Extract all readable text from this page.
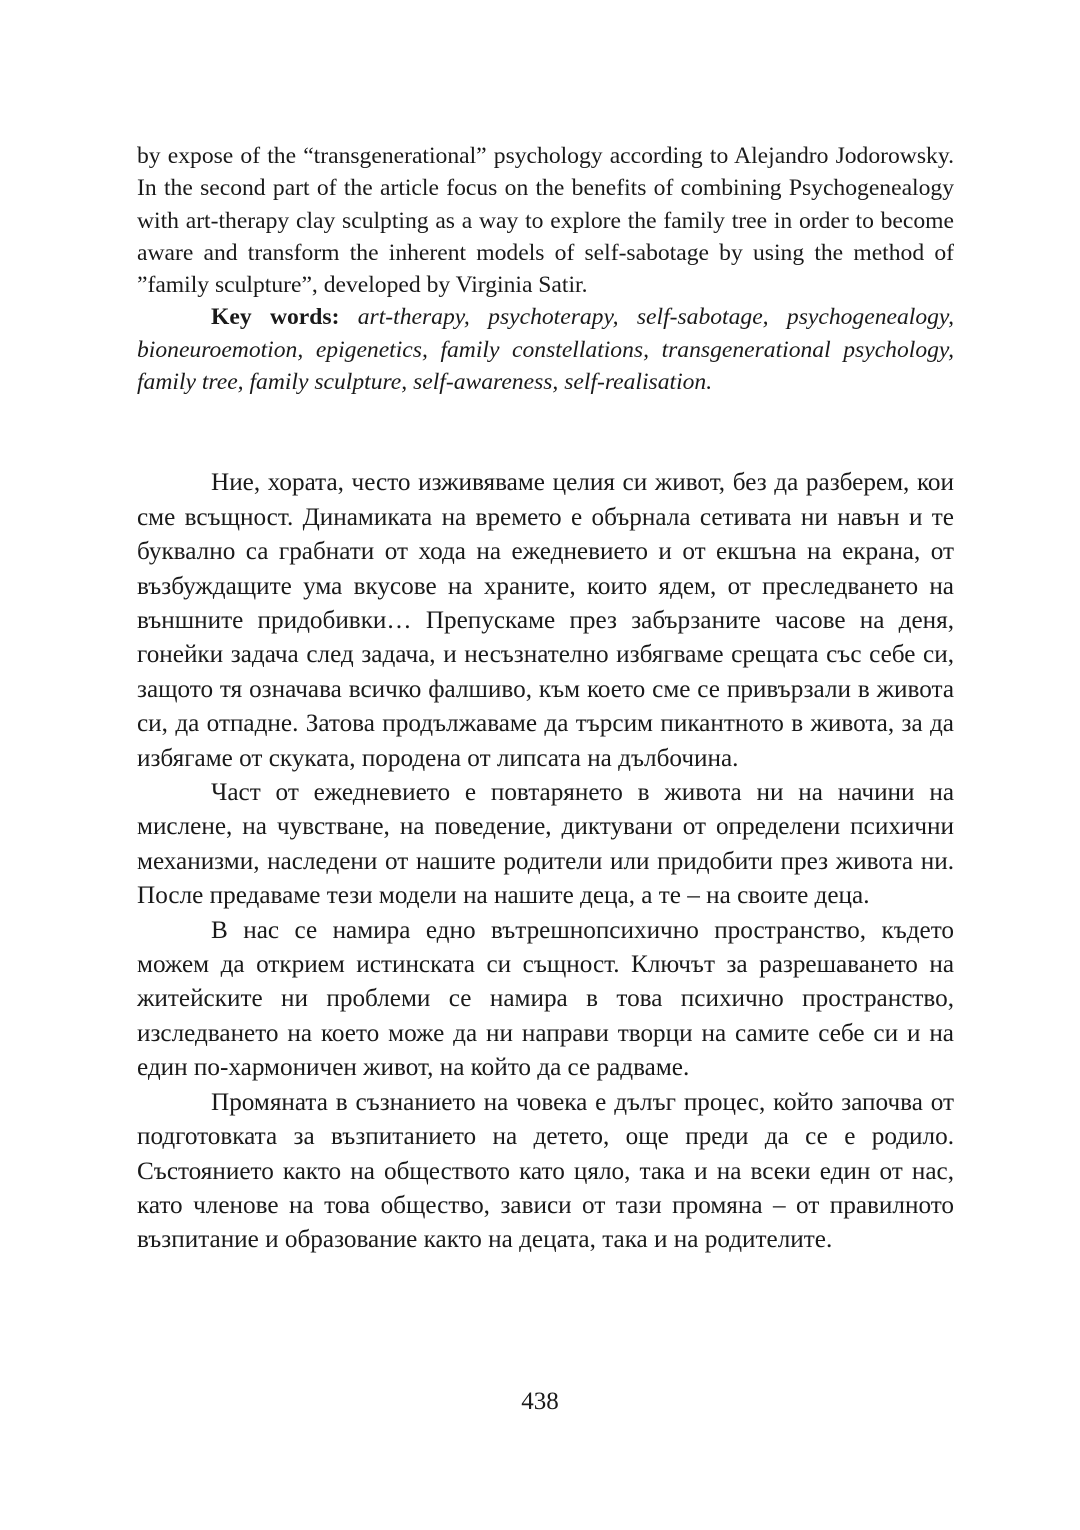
by expose of the “transgenerational” psychology according to Alejandro Jodorowsky. In the second part of the article focus on the benefits of combining Psychogenealogy with art-therapy clay sculpting as a way to explore the family tree in order to become aware and transform the inherent models of self-sabotage by using the method of ”family sculpture”, developed by Virginia Satir.

Key words: art-therapy, psychoterapy, self-sabotage, psychogenealogy, bioneuroemotion, epigenetics, family constellations, transgenerational psychology, family tree, family sculpture, self-awareness, self-realisation.

Ние, хората, често изживяваме целия си живот, без да разберем, кои сме всъщност. Динамиката на времето е обърнала сетивата ни навън и те буквално са грабнати от хода на ежедневието и от екшъна на екрана, от възбуждащите ума вкусове на храните, които ядем, от преследването на външните придобивки… Препускаме през забързаните часове на деня, гонейки задача след задача, и несъзнателно избягваме срещата със себе си, защото тя означава всичко фалшиво, към което сме се привързали в живота си, да отпадне. Затова продължаваме да търсим пикантното в живота, за да избягаме от скуката, породена от липсата на дълбочина.

Част от ежедневието е повтарянето в живота ни на начини на мислене, на чувстване, на поведение, диктувани от определени психични механизми, наследени от нашите родители или придобити през живота ни. После предаваме тези модели на нашите деца, а те – на своите деца.

В нас се намира едно вътрешнопсихично пространство, където можем да открием истинската си същност. Ключът за разрешаването на житейските ни проблеми се намира в това психично пространство, изследването на което може да ни направи творци на самите себе си и на един по-хармоничен живот, на който да се радваме.

Промяната в съзнанието на човека е дълъг процес, който започва от подготовката за възпитанието на детето, още преди да се е родило. Състоянието както на обществото като цяло, така и на всеки един от нас, като членове на това общество, зависи от тази промяна – от правилното възпитание и образование както на децата, така и на родителите.

438
